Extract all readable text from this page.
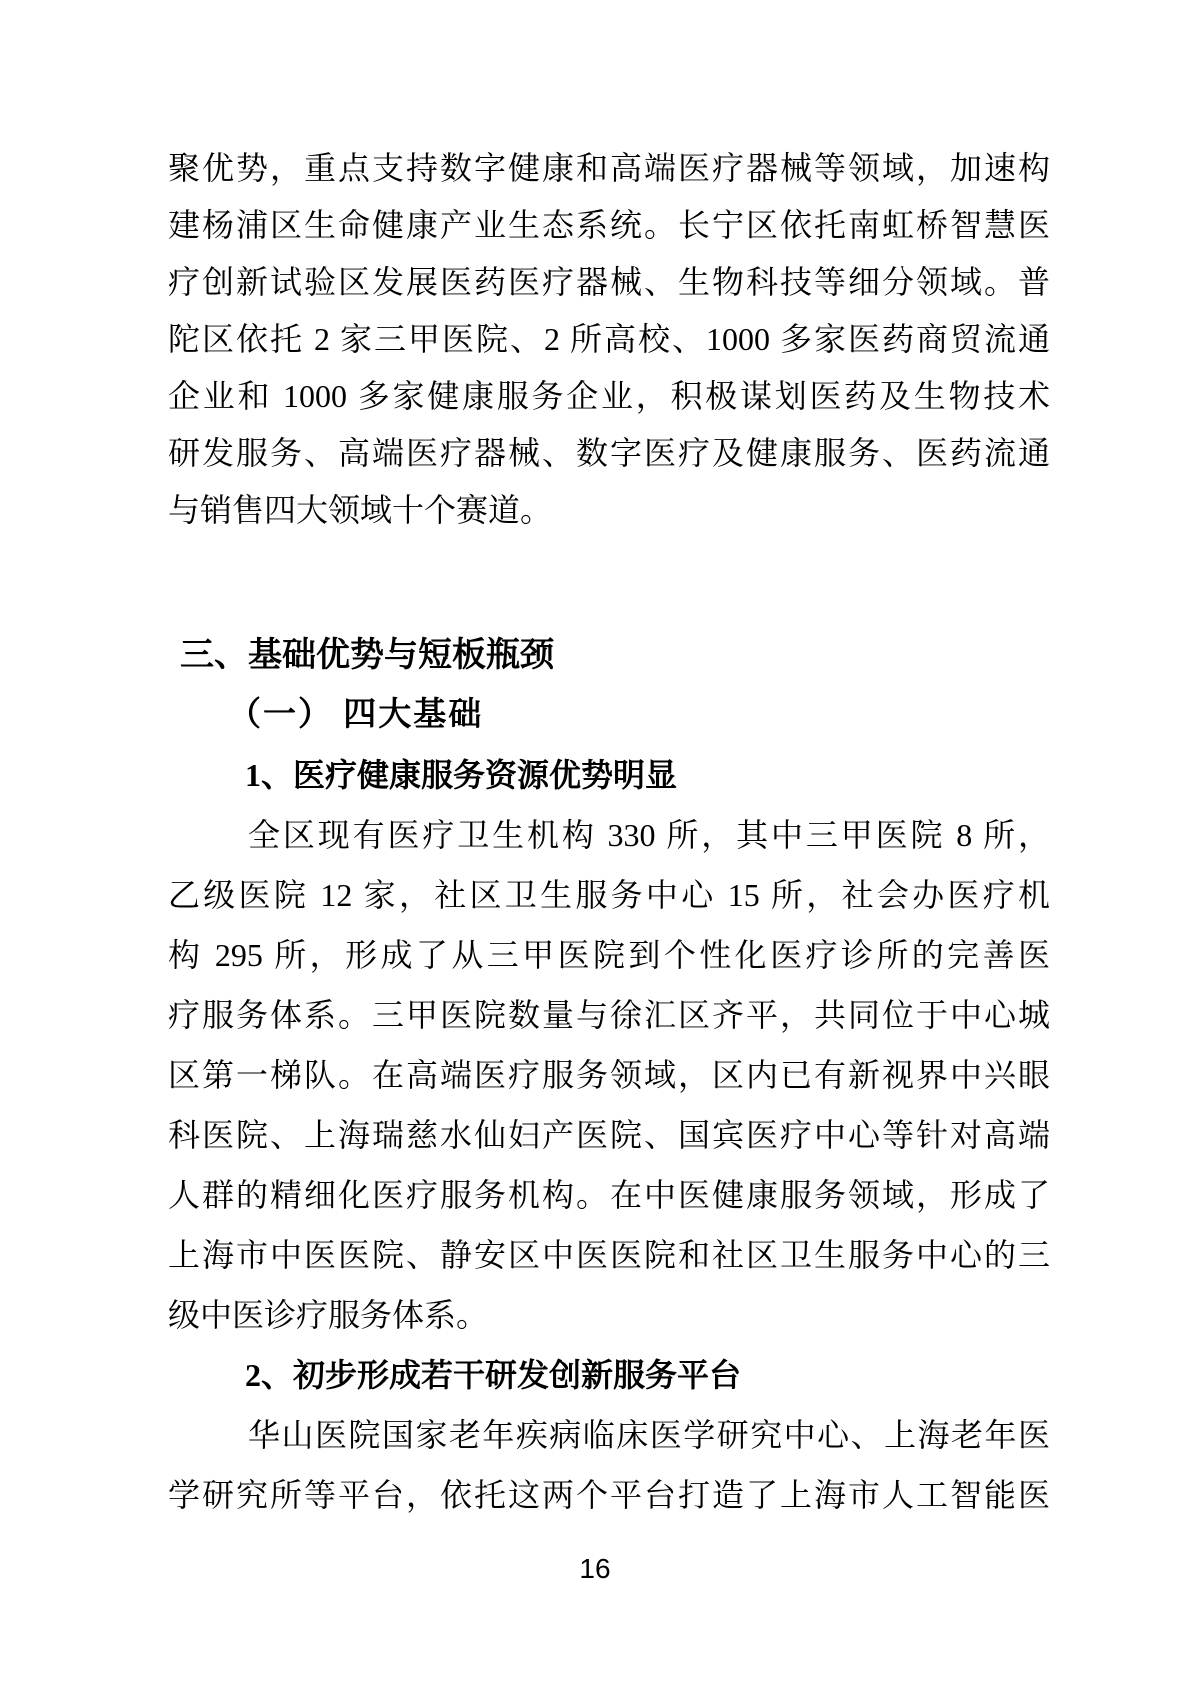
聚优势，重点支持数字健康和高端医疗器械等领域，加速构
建杨浦区生命健康产业生态系统。长宁区依托南虹桥智慧医
疗创新试验区发展医药医疗器械、生物科技等细分领域。普
陀区依托 2 家三甲医院、2 所高校、1000 多家医药商贸流通
企业和 1000 多家健康服务企业，积极谋划医药及生物技术
研发服务、高端医疗器械、数字医疗及健康服务、医药流通
与销售四大领域十个赛道。
三、基础优势与短板瓶颈
（一） 四大基础
1、医疗健康服务资源优势明显
全区现有医疗卫生机构 330 所，其中三甲医院 8 所，
乙级医院 12 家，社区卫生服务中心 15 所，社会办医疗机
构 295 所，形成了从三甲医院到个性化医疗诊所的完善医
疗服务体系。三甲医院数量与徐汇区齐平，共同位于中心城
区第一梯队。在高端医疗服务领域，区内已有新视界中兴眼
科医院、上海瑞慈水仙妇产医院、国宾医疗中心等针对高端
人群的精细化医疗服务机构。在中医健康服务领域，形成了
上海市中医医院、静安区中医医院和社区卫生服务中心的三
级中医诊疗服务体系。
2、初步形成若干研发创新服务平台
华山医院国家老年疾病临床医学研究中心、上海老年医
学研究所等平台，依托这两个平台打造了上海市人工智能医
16
